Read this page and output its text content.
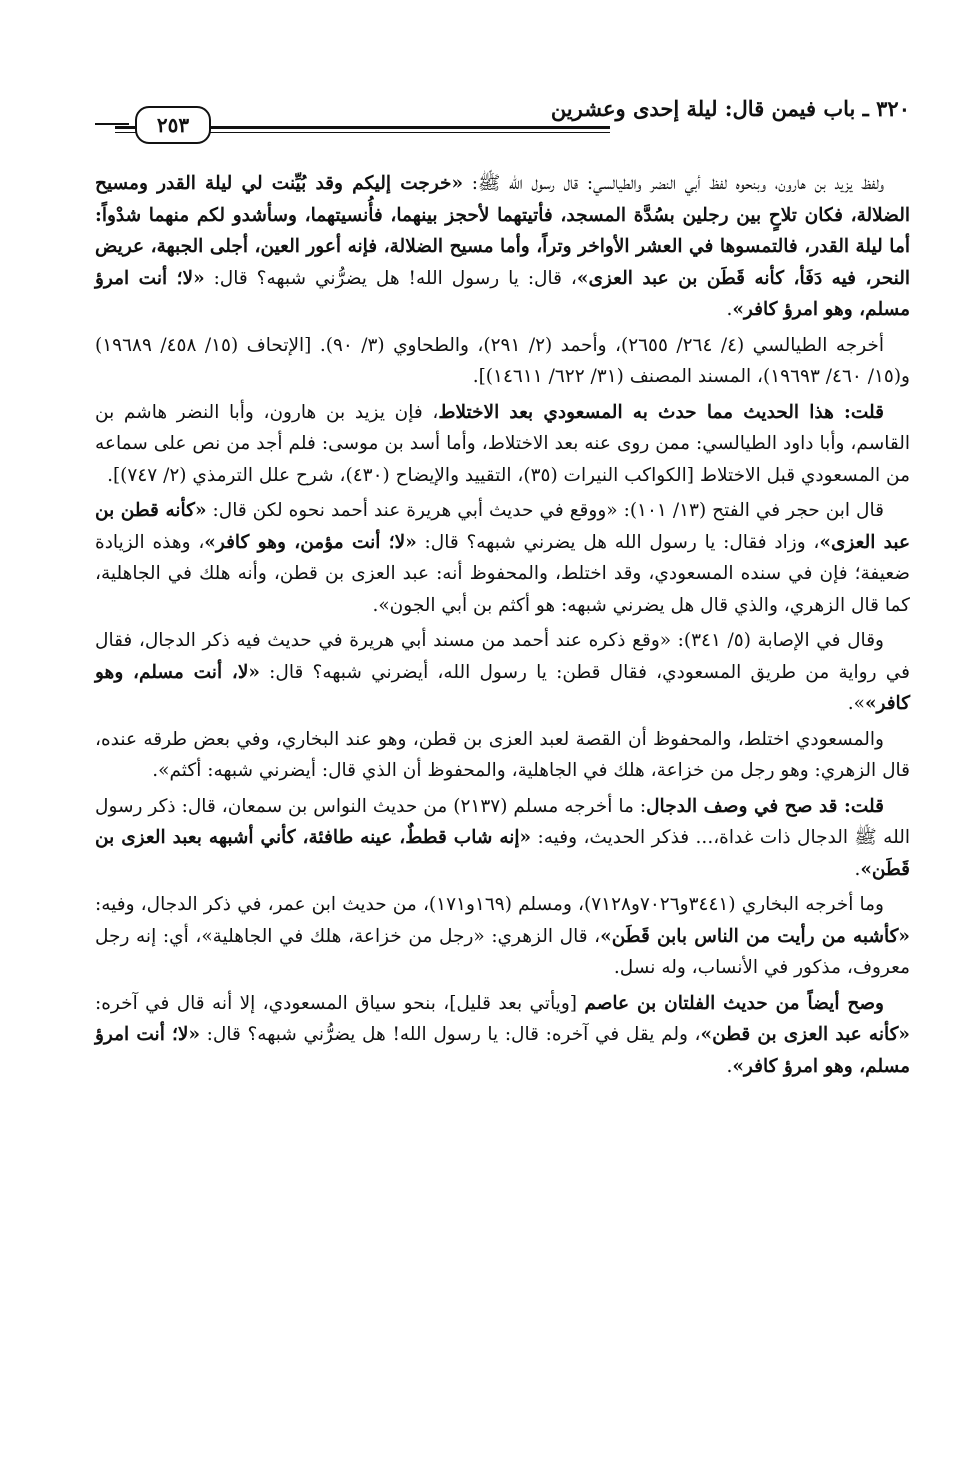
٣٢٠ ـ باب فيمن قال: ليلة إحدى وعشرين
٢٥٣

ولفظ يزيد بن هارون، وبنحوه لفظ أبي النضر والطيالسي: قال رسول الله ﷺ: «خرجت إليكم وقد بُيِّنت لي ليلة القدر ومسيح الضلالة، فكان تلاحٍ بين رجلين بسُدَّة المسجد، فأتيتهما لأحجز بينهما، فأُنسيتهما، وسأشدو لكم منهما شدْواً: أما ليلة القدر، فالتمسوها في العشر الأواخر وتراً، وأما مسيح الضلالة، فإنه أعور العين، أجلى الجبهة، عريض النحر، فيه دَفَأ، كأنه قَطَن بن عبد العزى»، قال: يا رسول الله! هل يضرُّني شبهه؟ قال: «لا؛ أنت امرؤ مسلم، وهو امرؤ كافر».

أخرجه الطيالسي (٤/ ٢٦٤/ ٢٦٥٥)، وأحمد (٢/ ٢٩١)، والطحاوي (٣/ ٩٠). [الإتحاف (١٥/ ٤٥٨/ ١٩٦٨٩) و(١٥/ ٤٦٠/ ١٩٦٩٣)، المسند المصنف (٣١/ ٦٢٢/ ١٤٦١١)].

قلت: هذا الحديث مما حدث به المسعودي بعد الاختلاط، فإن يزيد بن هارون، وأبا النضر هاشم بن القاسم، وأبا داود الطيالسي: ممن روى عنه بعد الاختلاط، وأما أسد بن موسى: فلم أجد من نص على سماعه من المسعودي قبل الاختلاط [الكواكب النيرات (٣٥)، التقييد والإيضاح (٤٣٠)، شرح علل الترمذي (٢/ ٧٤٧)].

قال ابن حجر في الفتح (١٣/ ١٠١): «ووقع في حديث أبي هريرة عند أحمد نحوه لكن قال: «كأنه قطن بن عبد العزى»، وزاد فقال: يا رسول الله هل يضرني شبهه؟ قال: «لا؛ أنت مؤمن، وهو كافر»، وهذه الزيادة ضعيفة؛ فإن في سنده المسعودي، وقد اختلط، والمحفوظ أنه: عبد العزى بن قطن، وأنه هلك في الجاهلية، كما قال الزهري، والذي قال هل يضرني شبهه: هو أكثم بن أبي الجون».

وقال في الإصابة (٥/ ٣٤١): «وقع ذكره عند أحمد من مسند أبي هريرة في حديث فيه ذكر الدجال، فقال في رواية من طريق المسعودي، فقال قطن: يا رسول الله، أيضرني شبهه؟ قال: «لا، أنت مسلم، وهو كافر»».

والمسعودي اختلط، والمحفوظ أن القصة لعبد العزى بن قطن، وهو عند البخاري، وفي بعض طرقه عنده، قال الزهري: وهو رجل من خزاعة، هلك في الجاهلية، والمحفوظ أن الذي قال: أيضرني شبهه: أكثم».

قلت: قد صح في وصف الدجال: ما أخرجه مسلم (٢١٣٧) من حديث النواس بن سمعان، قال: ذكر رسول الله ﷺ الدجال ذات غداة،... فذكر الحديث، وفيه: «إنه شاب قططٌ، عينه طافئة، كأني أشبهه بعبد العزى بن قَطَن».

وما أخرجه البخاري (٣٤٤١و٧٠٢٦و٧١٢٨)، ومسلم (١٦٩و١٧١)، من حديث ابن عمر، في ذكر الدجال، وفيه: «كأشبه من رأيت من الناس بابن قَطَن»، قال الزهري: «رجل من خزاعة، هلك في الجاهلية»، أي: إنه رجل معروف، مذكور في الأنساب، وله نسل.

وصح أيضاً من حديث الفلتان بن عاصم [ويأتي بعد قليل]، بنحو سياق المسعودي، إلا أنه قال في آخره: «كأنه عبد العزى بن قطن»، ولم يقل في آخره: قال: يا رسول الله! هل يضرُّني شبهه؟ قال: «لا؛ أنت امرؤ مسلم، وهو امرؤ كافر».
